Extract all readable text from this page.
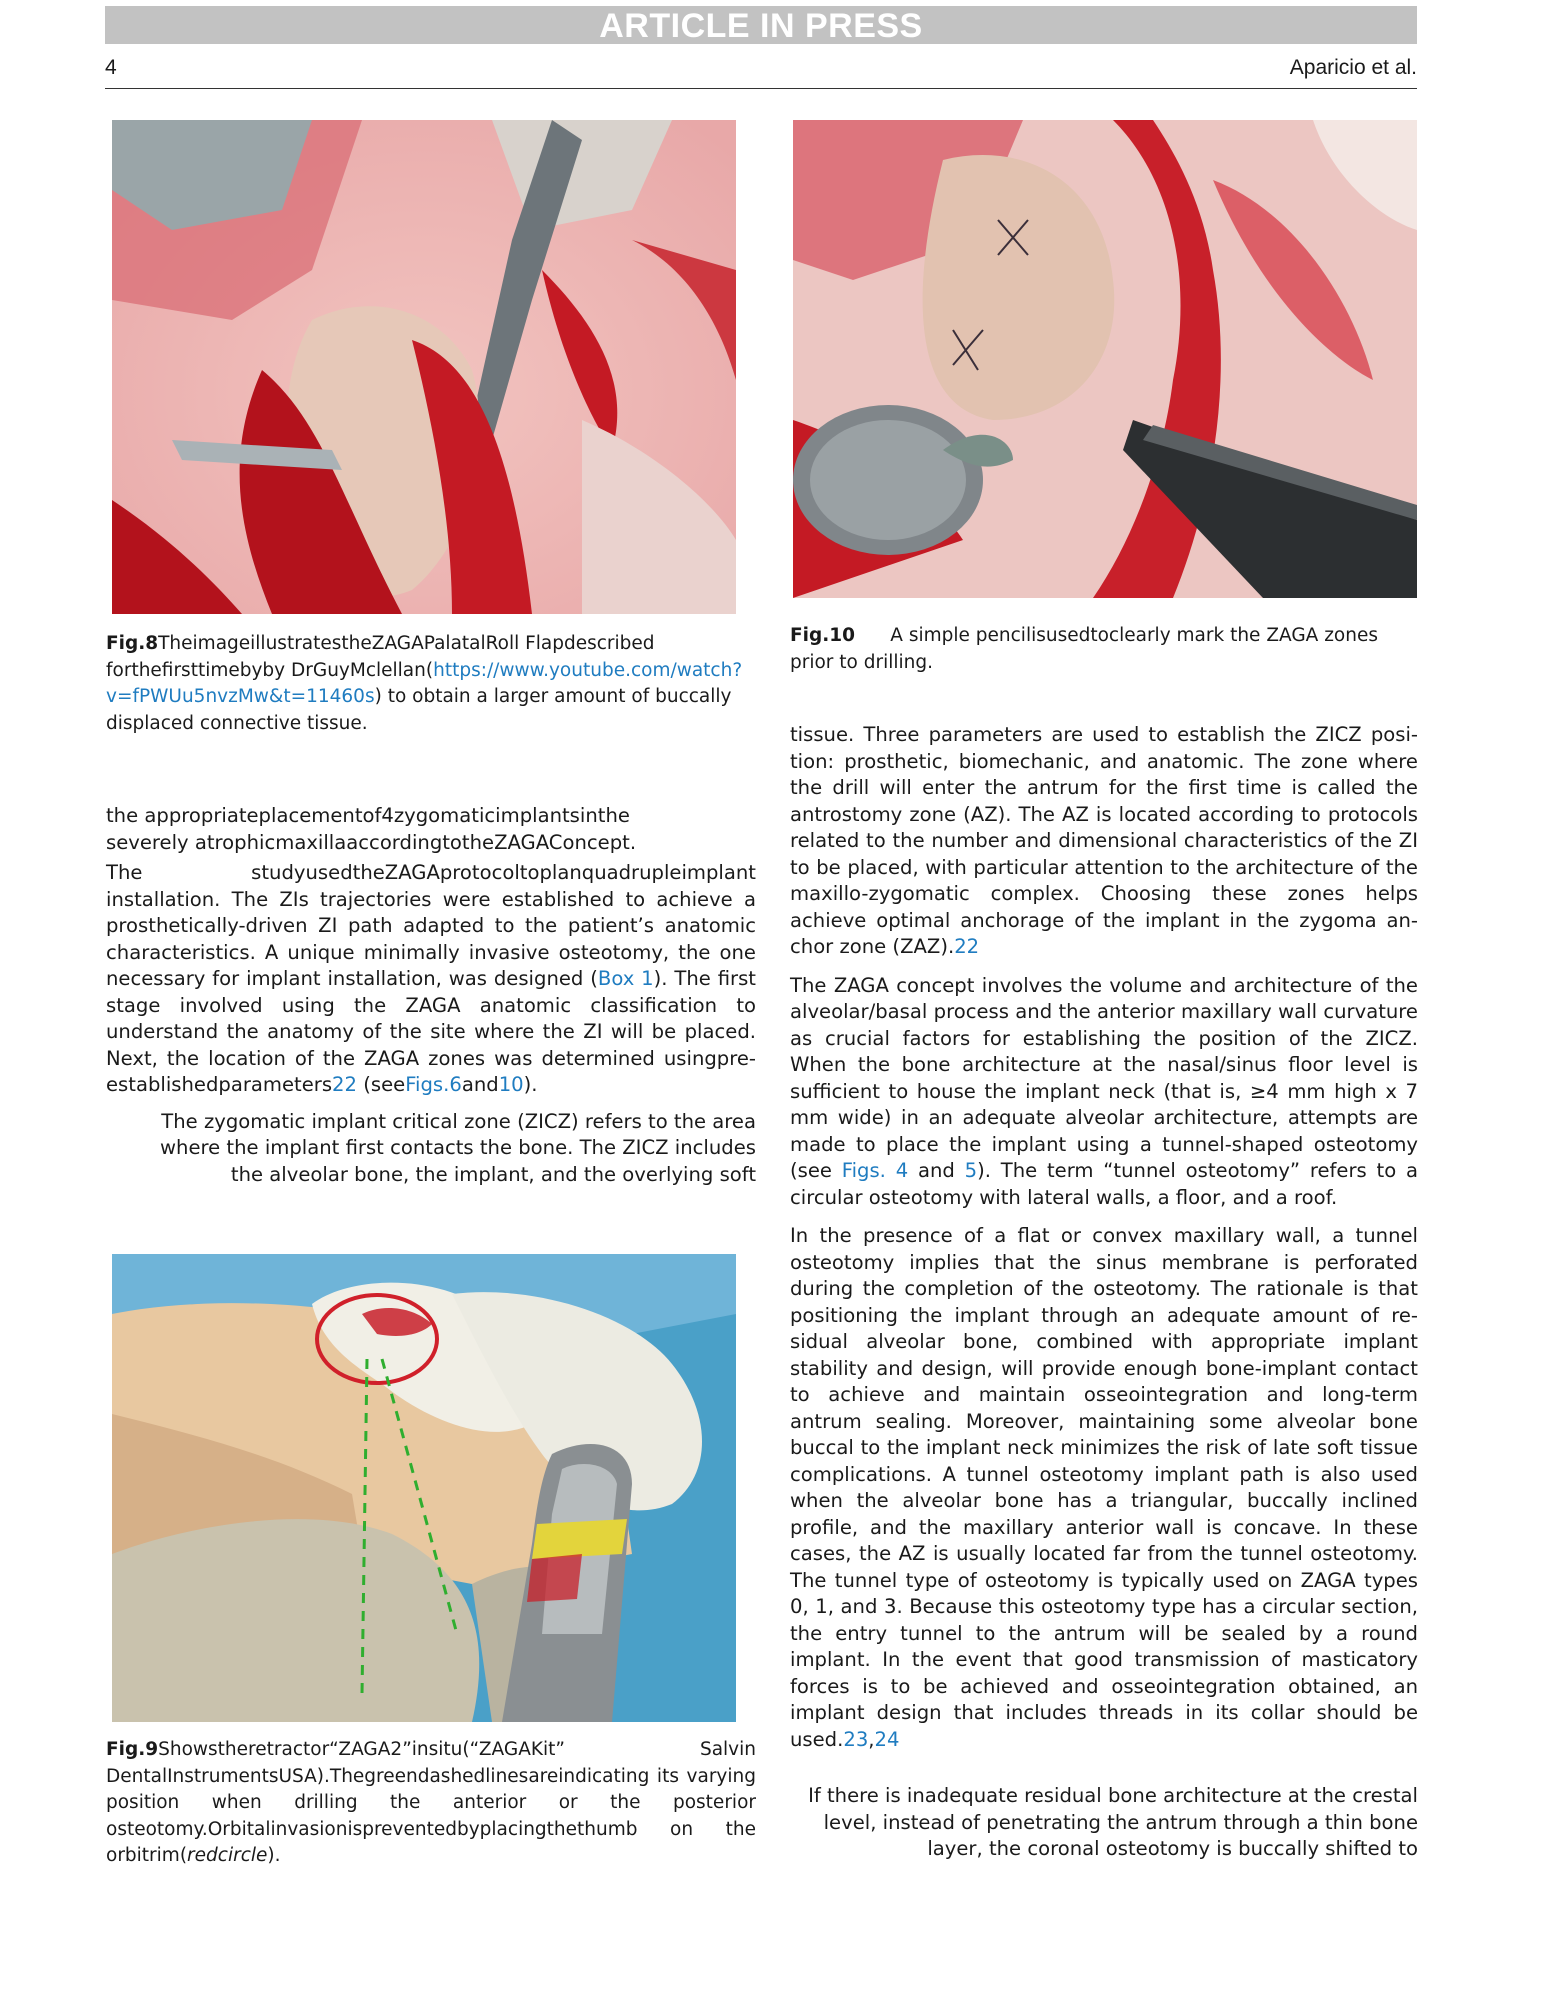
ARTICLE IN PRESS
4	Aparicio et al.
Fig.8TheimageillustratestheZAGAPalatalRoll Flapdescribed forthefirsttimebyby DrGuyMclellan(https://www.youtube.com/watch?v=fPWUu5nvzMw&t=11460s) to obtain a larger amount of buccally displaced connective tissue.
Fig.10 A simple pencilisusedtoclearly mark the ZAGA zones prior to drilling.

the appropriateplacementof4zygomaticimplantsinthe
severely atrophicmaxillaaccordingtotheZAGAConcept.

The studyusedtheZAGAprotocoltoplanquadrupleimplant installation. The ZIs trajectories were established to achieve a prosthetically-driven ZI path adapted to the patient’s anatomic characteristics. A unique minimally invasive osteotomy, the one necessary for implant installation, was designed (Box 1). The first stage involved using the ZAGA anatomic classification to understand the anatomy of the site where the ZI will be placed. Next, the location of the ZAGA zones was determined usingpre-establishedparameters22 (seeFigs.6and10).

The zygomatic implant critical zone (ZICZ) refers to the area where the implant first contacts the bone. The ZICZ includes the alveolar bone, the implant, and the overlying soft

Fig.9Showstheretractor“ZAGA2”insitu(“ZAGAKit” Salvin DentalInstrumentsUSA).Thegreendashedlinesareindicating its varying position when drilling the anterior or the posterior osteotomy.Orbitalinvasionispreventedbyplacingthethumb on the orbitrim(redcircle).

tissue. Three parameters are used to establish the ZICZ position: prosthetic, biomechanic, and anatomic. The zone where the drill will enter the antrum for the first time is called the antrostomy zone (AZ). The AZ is located according to protocols related to the number and dimensional characteristics of the ZI to be placed, with particular attention to the architecture of the maxillo-zygomatic complex. Choosing these zones helps achieve optimal anchorage of the implant in the zygoma anchor zone (ZAZ).22

The ZAGA concept involves the volume and architecture of the alveolar/basal process and the anterior maxillary wall curvature as crucial factors for establishing the position of the ZICZ. When the bone architecture at the nasal/sinus floor level is sufficient to house the implant neck (that is, ≥4 mm high x 7 mm wide) in an adequate alveolar architecture, attempts are made to place the implant using a tunnel-shaped osteotomy (see Figs. 4 and 5). The term “tunnel osteotomy” refers to a circular osteotomy with lateral walls, a floor, and a roof.

In the presence of a flat or convex maxillary wall, a tunnel osteotomy implies that the sinus membrane is perforated during the completion of the osteotomy. The rationale is that positioning the implant through an adequate amount of residual alveolar bone, combined with appropriate implant stability and design, will provide enough bone-implant contact to achieve and maintain osseointegration and long-term antrum sealing. Moreover, maintaining some alveolar bone buccal to the implant neck minimizes the risk of late soft tissue complications. A tunnel osteotomy implant path is also used when the alveolar bone has a triangular, buccally inclined profile, and the maxillary anterior wall is concave. In these cases, the AZ is usually located far from the tunnel osteotomy. The tunnel type of osteotomy is typically used on ZAGA types 0, 1, and 3. Because this osteotomy type has a circular section, the entry tunnel to the antrum will be sealed by a round implant. In the event that good transmission of masticatory forces is to be achieved and osseointegration obtained, an implant design that includes threads in its collar should be used.23,24

If there is inadequate residual bone architecture at the crestal level, instead of penetrating the antrum through a thin bone layer, the coronal osteotomy is buccally shifted to
